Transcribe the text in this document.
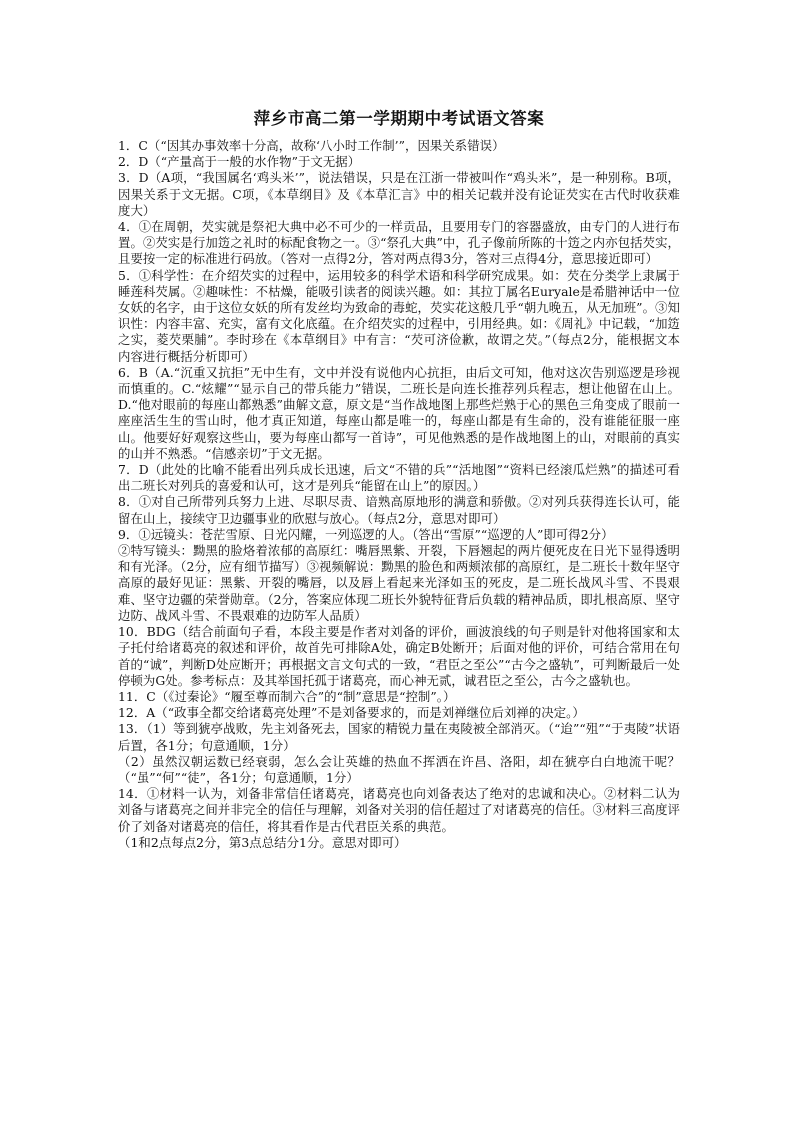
萍乡市高二第一学期期中考试语文答案

1．C（“因其办事效率十分高，故称‘八小时工作制’”，因果关系错误）

2．D（“产量高于一般的水作物”于文无据）

3．D（A项，“我国属名‘鸡头米’”，说法错误，只是在江浙一带被叫作“鸡头米”，是一种别称。B项，因果关系于文无据。C项，《本草纲目》及《本草汇言》中的相关记载并没有论证芡实在古代时收获难度大）

4．①在周朝，芡实就是祭祀大典中必不可少的一样贡品，且要用专门的容器盛放，由专门的人进行布置。②芡实是行加笾之礼时的标配食物之一。③“祭孔大典”中，孔子像前所陈的十笾之内亦包括芡实，且要按一定的标准进行码放。（答对一点得2分，答对两点得3分，答对三点得4分，意思接近即可）

5．①科学性：在介绍芡实的过程中，运用较多的科学术语和科学研究成果。如：芡在分类学上隶属于睡莲科芡属。②趣味性：不枯燥，能吸引读者的阅读兴趣。如：其拉丁属名Euryale是希腊神话中一位女妖的名字，由于这位女妖的所有发丝均为致命的毒蛇，芡实花这般几乎“朝九晚五，从无加班”。③知识性：内容丰富、充实，富有文化底蕴。在介绍芡实的过程中，引用经典。如：《周礼》中记载，“加笾之实，菱芡栗脯”。李时珍在《本草纲目》中有言：“芡可济俭歉，故谓之芡。”（每点2分，能根据文本内容进行概括分析即可）

6．B（A.“沉重又抗拒”无中生有，文中并没有说他内心抗拒，由后文可知，他对这次告别巡逻是珍视而慎重的。C.“炫耀”“显示自己的带兵能力”错误，二班长是向连长推荐列兵程志，想让他留在山上。D.“他对眼前的每座山都熟悉”曲解文意，原文是“当作战地图上那些烂熟于心的黑色三角变成了眼前一座座活生生的雪山时，他才真正知道，每座山都是唯一的，每座山都是有生命的，没有谁能征服一座山。他要好好观察这些山，要为每座山都写一首诗”，可见他熟悉的是作战地图上的山，对眼前的真实的山并不熟悉。“信感亲切”于文无据。

7．D（此处的比喻不能看出列兵成长迅速，后文“不错的兵”“活地图”“资料已经滚瓜烂熟”的描述可看出二班长对列兵的喜爱和认可，这才是列兵“能留在山上”的原因。）

8．①对自己所带列兵努力上进、尽职尽责、谙熟高原地形的满意和骄傲。②对列兵获得连长认可，能留在山上，接续守卫边疆事业的欣慰与放心。（每点2分，意思对即可）

9．①远镜头：苍茫雪原、日光闪耀，一列巡逻的人。（答出“雪原”“巡逻的人”即可得2分）

②特写镜头：黝黑的脸烙着浓郁的高原红：嘴唇黑紫、开裂，下唇翘起的两片便死皮在日光下显得透明和有光泽。（2分，应有细节描写）③视频解说：黝黑的脸色和两颊浓郁的高原红，是二班长十数年坚守高原的最好见证：黑紫、开裂的嘴唇，以及唇上看起来光泽如玉的死皮，是二班长战风斗雪、不畏艰难、坚守边疆的荣誉勋章。（2分，答案应体现二班长外貌特征背后负载的精神品质，即扎根高原、坚守边防、战风斗雪、不畏艰难的边防军人品质）

10．BDG（结合前面句子看，本段主要是作者对刘备的评价，画波浪线的句子则是针对他将国家和太子托付给诸葛亮的叙述和评价，故首先可排除A处，确定B处断开；后面对他的评价，可结合常用在句首的“诚”，判断D处应断开；再根据文言文句式的一致，“君臣之至公”“古今之盛轨”，可判断最后一处停顿为G处。参考标点：及其举国托孤于诸葛亮，而心神无贰，诚君臣之至公，古今之盛轨也。

11．C（《过秦论》“履至尊而制六合”的“制”意思是“控制”。）

12．A（“政事全都交给诸葛亮处理”不是刘备要求的，而是刘禅继位后刘禅的决定。）

13．（1）等到猇亭战败，先主刘备死去，国家的精锐力量在夷陵被全部消灭。（“迨”“殂”“于夷陵”状语后置，各1分；句意通顺，1分）

（2）虽然汉朝运数已经衰弱，怎么会让英雄的热血不挥洒在许昌、洛阳，却在猇亭白白地流干呢？（“虽”“何”“徒”，各1分；句意通顺，1分）

14．①材料一认为，刘备非常信任诸葛亮，诸葛亮也向刘备表达了绝对的忠诚和决心。②材料二认为刘备与诸葛亮之间并非完全的信任与理解，刘备对关羽的信任超过了对诸葛亮的信任。③材料三高度评价了刘备对诸葛亮的信任，将其看作是古代君臣关系的典范。

（1和2点每点2分，第3点总结分1分。意思对即可）
